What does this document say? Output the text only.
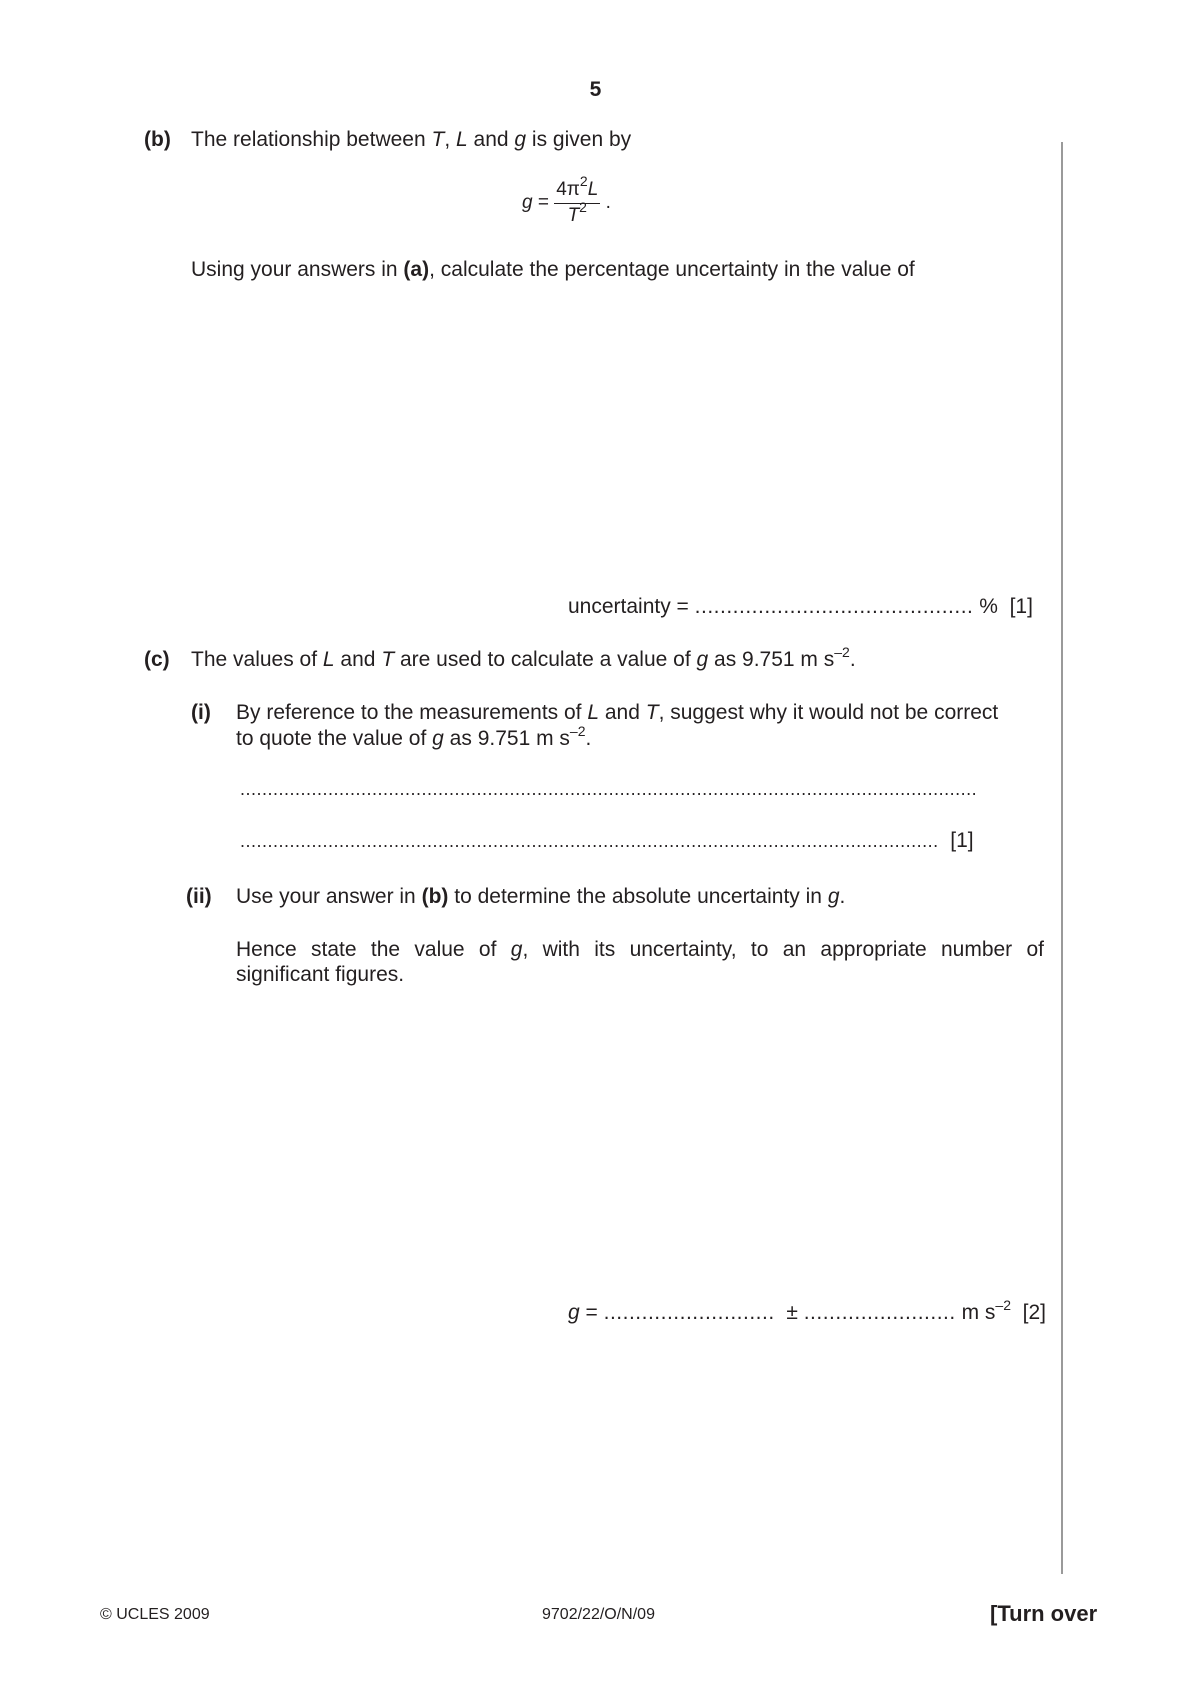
5
(b) The relationship between T, L and g is given by
$g = \frac{4\pi^2L}{T^2}$ .
Using your answers in (a), calculate the percentage uncertainty in the value of
uncertainty = ............................................ % [1]
(c) The values of L and T are used to calculate a value of g as 9.751 m $s^{-2}$.
(i) By reference to the measurements of L and T, suggest why it would not be correct
to quote the value of g as 9.751 m $s^{-2}$.
......................................................................................................................................
............................................................................................................................... [1]
(ii) Use your answer in (b) to determine the absolute uncertainty in g.
Hence state the value of g, with its uncertainty, to an appropriate number of
significant figures.
g = ........................... ± ........................ m $s^{-2}$ [2]
© UCLES 2009	9702/22/O/N/09	[Turn over
